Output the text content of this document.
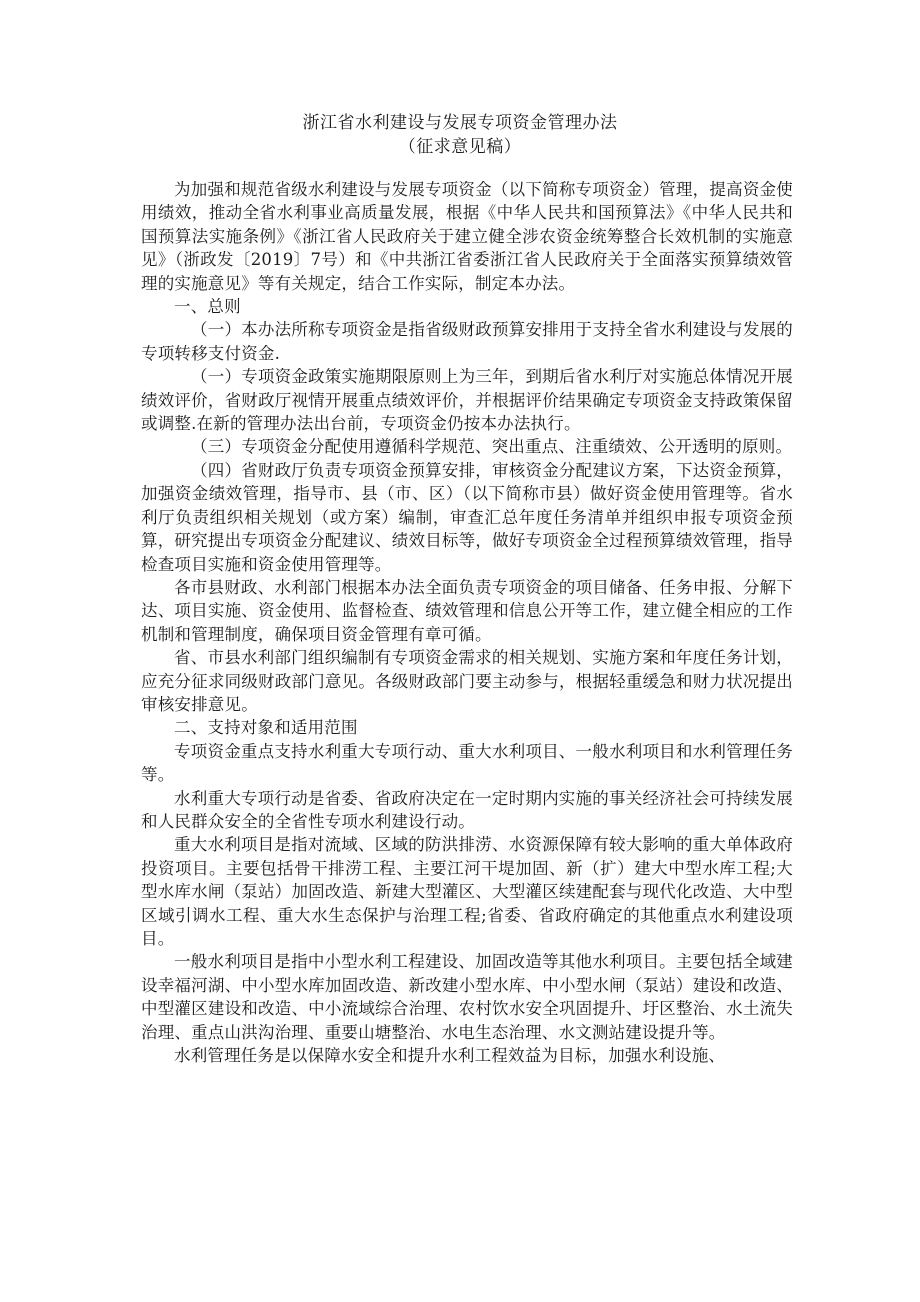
浙江省水利建设与发展专项资金管理办法
（征求意见稿）

为加强和规范省级水利建设与发展专项资金（以下简称专项资金）管理，提高资金使用绩效，推动全省水利事业高质量发展，根据《中华人民共和国预算法》《中华人民共和国预算法实施条例》《浙江省人民政府关于建立健全涉农资金统筹整合长效机制的实施意见》（浙政发〔2019〕7号）和《中共浙江省委浙江省人民政府关于全面落实预算绩效管理的实施意见》等有关规定，结合工作实际，制定本办法。

一、总则

（一）本办法所称专项资金是指省级财政预算安排用于支持全省水利建设与发展的专项转移支付资金.

（一）专项资金政策实施期限原则上为三年，到期后省水利厅对实施总体情况开展绩效评价，省财政厅视情开展重点绩效评价，并根据评价结果确定专项资金支持政策保留或调整.在新的管理办法出台前，专项资金仍按本办法执行。

（三）专项资金分配使用遵循科学规范、突出重点、注重绩效、公开透明的原则。

（四）省财政厅负责专项资金预算安排，审核资金分配建议方案，下达资金预算，加强资金绩效管理，指导市、县（市、区）（以下简称市县）做好资金使用管理等。省水利厅负责组织相关规划（或方案）编制，审查汇总年度任务清单并组织申报专项资金预算，研究提出专项资金分配建议、绩效目标等，做好专项资金全过程预算绩效管理，指导检查项目实施和资金使用管理等。

各市县财政、水利部门根据本办法全面负责专项资金的项目储备、任务申报、分解下达、项目实施、资金使用、监督检查、绩效管理和信息公开等工作，建立健全相应的工作机制和管理制度，确保项目资金管理有章可循。

省、市县水利部门组织编制有专项资金需求的相关规划、实施方案和年度任务计划，应充分征求同级财政部门意见。各级财政部门要主动参与，根据轻重缓急和财力状况提出审核安排意见。

二、支持对象和适用范围

专项资金重点支持水利重大专项行动、重大水利项目、一般水利项目和水利管理任务等。

水利重大专项行动是省委、省政府决定在一定时期内实施的事关经济社会可持续发展和人民群众安全的全省性专项水利建设行动。

重大水利项目是指对流域、区域的防洪排涝、水资源保障有较大影响的重大单体政府投资项目。主要包括骨干排涝工程、主要江河干堤加固、新（扩）建大中型水库工程;大型水库水闸（泵站）加固改造、新建大型灌区、大型灌区续建配套与现代化改造、大中型区域引调水工程、重大水生态保护与治理工程;省委、省政府确定的其他重点水利建设项目。

一般水利项目是指中小型水利工程建设、加固改造等其他水利项目。主要包括全域建设幸福河湖、中小型水库加固改造、新改建小型水库、中小型水闸（泵站）建设和改造、中型灌区建设和改造、中小流域综合治理、农村饮水安全巩固提升、圩区整治、水土流失治理、重点山洪沟治理、重要山塘整治、水电生态治理、水文测站建设提升等。

水利管理任务是以保障水安全和提升水利工程效益为目标，加强水利设施、
